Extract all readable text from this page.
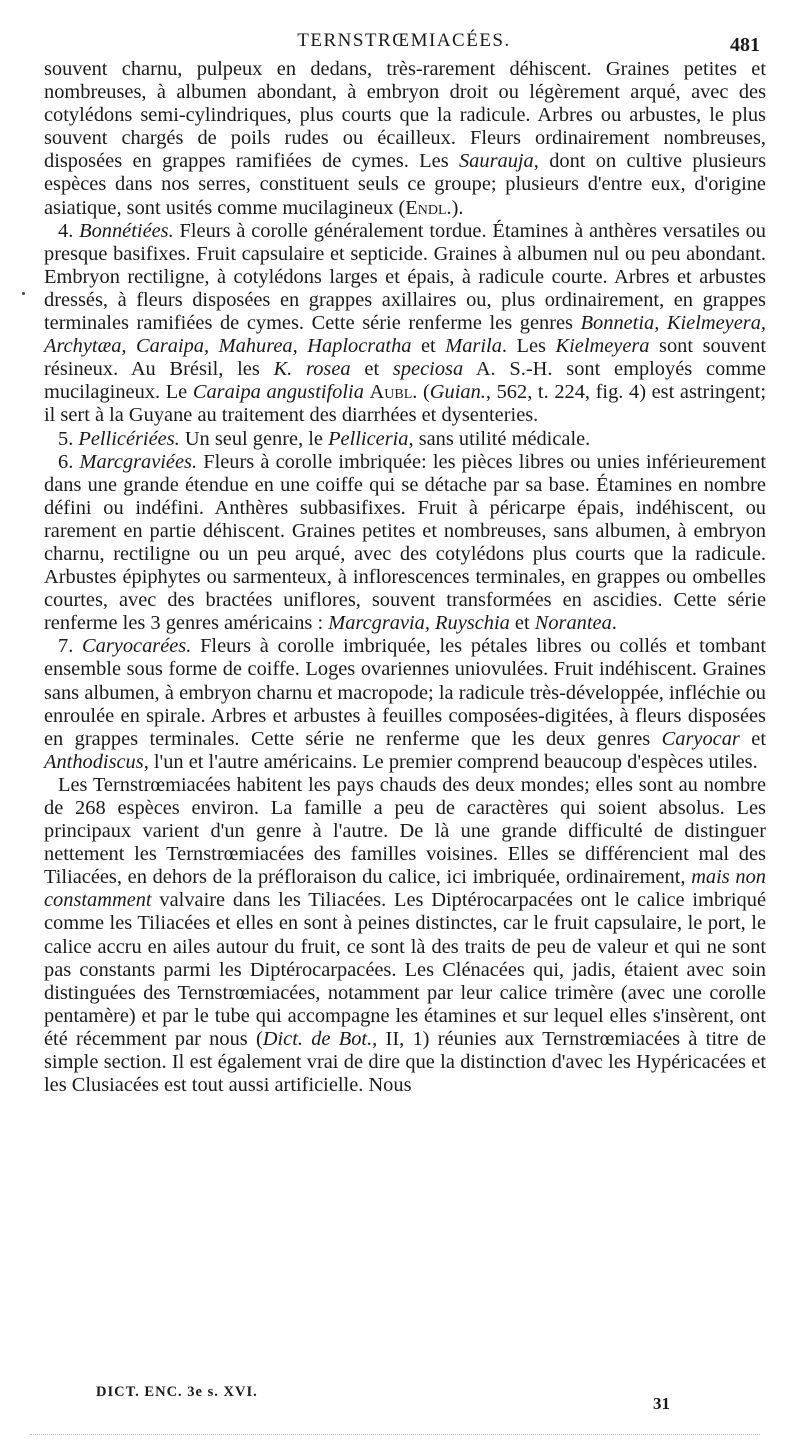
TERNSTRŒMIACÉES.	481

souvent charnu, pulpeux en dedans, très-rarement déhiscent. Graines petites et nombreuses, à albumen abondant, à embryon droit ou légèrement arqué, avec des cotylédons semi-cylindriques, plus courts que la radicule. Arbres ou arbustes, le plus souvent chargés de poils rudes ou écailleux. Fleurs ordinairement nombreuses, disposées en grappes ramifiées de cymes. Les Saurauja, dont on cultive plusieurs espèces dans nos serres, constituent seuls ce groupe; plusieurs d'entre eux, d'origine asiatique, sont usités comme mucilagineux (Endl.).

4. Bonnétiées. Fleurs à corolle généralement tordue. Étamines à anthères versatiles ou presque basifixes. Fruit capsulaire et septicide. Graines à albumen nul ou peu abondant. Embryon rectiligne, à cotylédons larges et épais, à radicule courte. Arbres et arbustes dressés, à fleurs disposées en grappes axillaires ou, plus ordinairement, en grappes terminales ramifiées de cymes. Cette série renferme les genres Bonnetia, Kielmeyera, Archytæa, Caraipa, Mahurea, Haplocratha et Marila. Les Kielmeyera sont souvent résineux. Au Brésil, les K. rosea et speciosa A. S.-H. sont employés comme mucilagineux. Le Caraipa angustifolia Aubl. (Guian., 562, t. 224, fig. 4) est astringent; il sert à la Guyane au traitement des diarrhées et dysenteries.

5. Pellicériées. Un seul genre, le Pelliceria, sans utilité médicale.

6. Marcgraviées. Fleurs à corolle imbriquée: les pièces libres ou unies inférieurement dans une grande étendue en une coiffe qui se détache par sa base. Étamines en nombre défini ou indéfini. Anthères subbasifixes. Fruit à péricarpe épais, indéhiscent, ou rarement en partie déhiscent. Graines petites et nombreuses, sans albumen, à embryon charnu, rectiligne ou un peu arqué, avec des cotylédons plus courts que la radicule. Arbustes épiphytes ou sarmenteux, à inflorescences terminales, en grappes ou ombelles courtes, avec des bractées uniflores, souvent transformées en ascidies. Cette série renferme les 3 genres américains : Marcgravia, Ruyschia et Norantea.

7. Caryocarées. Fleurs à corolle imbriquée, les pétales libres ou collés et tombant ensemble sous forme de coiffe. Loges ovariennes uniovulées. Fruit indéhiscent. Graines sans albumen, à embryon charnu et macropode; la radicule très-développée, infléchie ou enroulée en spirale. Arbres et arbustes à feuilles composées-digitées, à fleurs disposées en grappes terminales. Cette série ne renferme que les deux genres Caryocar et Anthodiscus, l'un et l'autre américains. Le premier comprend beaucoup d'espèces utiles.

Les Ternstrœmiacées habitent les pays chauds des deux mondes; elles sont au nombre de 268 espèces environ. La famille a peu de caractères qui soient absolus. Les principaux varient d'un genre à l'autre. De là une grande difficulté de distinguer nettement les Ternstrœmiacées des familles voisines. Elles se différencient mal des Tiliacées, en dehors de la préfloraison du calice, ici imbriquée, ordinairement, mais non constamment valvaire dans les Tiliacées. Les Diptérocarpacées ont le calice imbriqué comme les Tiliacées et elles en sont à peines distinctes, car le fruit capsulaire, le port, le calice accru en ailes autour du fruit, ce sont là des traits de peu de valeur et qui ne sont pas constants parmi les Diptérocarpacées. Les Clénacées qui, jadis, étaient avec soin distinguées des Ternstrœmiacées, notamment par leur calice trimère (avec une corolle pentamère) et par le tube qui accompagne les étamines et sur lequel elles s'insèrent, ont été récemment par nous (Dict. de Bot., II, 1) réunies aux Ternstrœmiacées à titre de simple section. Il est également vrai de dire que la distinction d'avec les Hypéricacées et les Clusiacées est tout aussi artificielle. Nous

DICT. ENC. 3e s. XVI.
31
